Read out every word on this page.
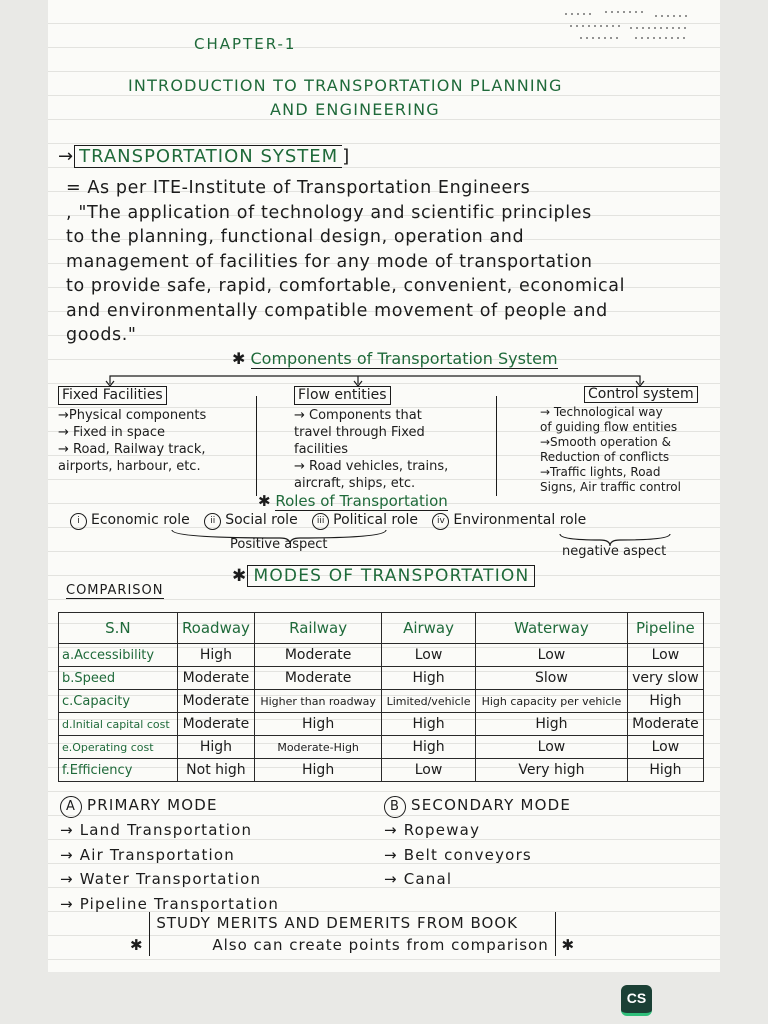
CHAPTER-1
INTRODUCTION TO TRANSPORTATION PLANNING
AND ENGINEERING
→ TRANSPORTATION SYSTEM ]
= As per ITE-Institute of Transportation Engineers
, "The application of technology and scientific principles
to the planning, functional design, operation and
management of facilities for any mode of transportation
to provide safe, rapid, comfortable, convenient, economical
and environmentally compatible movement of people and
goods."
✱ Components of Transportation System
Fixed Facilities
→Physical components
→ Fixed in space
→ Road, Railway track,
airports, harbour, etc.
Flow entities
→ Components that
travel through Fixed
facilities
→ Road vehicles, trains,
aircraft, ships, etc.
Control system
→ Technological way
of guiding flow entities
→Smooth operation &
Reduction of conflicts
→Traffic lights, Road
Signs, Air traffic control
✱ Roles of Transportation
i Economic role ii Social role iii Political role iv Environmental role
Positive aspect	negative aspect
✱ MODES OF TRANSPORTATION
COMPARISON
S.N	Roadway	Railway	Airway	Waterway	Pipeline
a.Accessibility	High	Moderate	Low	Low	Low
b.Speed	Moderate	Moderate	High	Slow	very slow
c.Capacity	Moderate	Higher than roadway	Limited/vehicle	High capacity per vehicle	High
d.Initial capital cost	Moderate	High	High	High	Moderate
e.Operating cost	High	Moderate-High	High	Low	Low
f.Efficiency	Not high	High	Low	Very high	High
A PRIMARY MODE
→ Land Transportation
→ Air Transportation
→ Water Transportation
→ Pipeline Transportation
B SECONDARY MODE
→ Ropeway
→ Belt conveyors
→ Canal
✱ STUDY MERITS AND DEMERITS FROM BOOK
Also can create points from comparison ✱
CS
